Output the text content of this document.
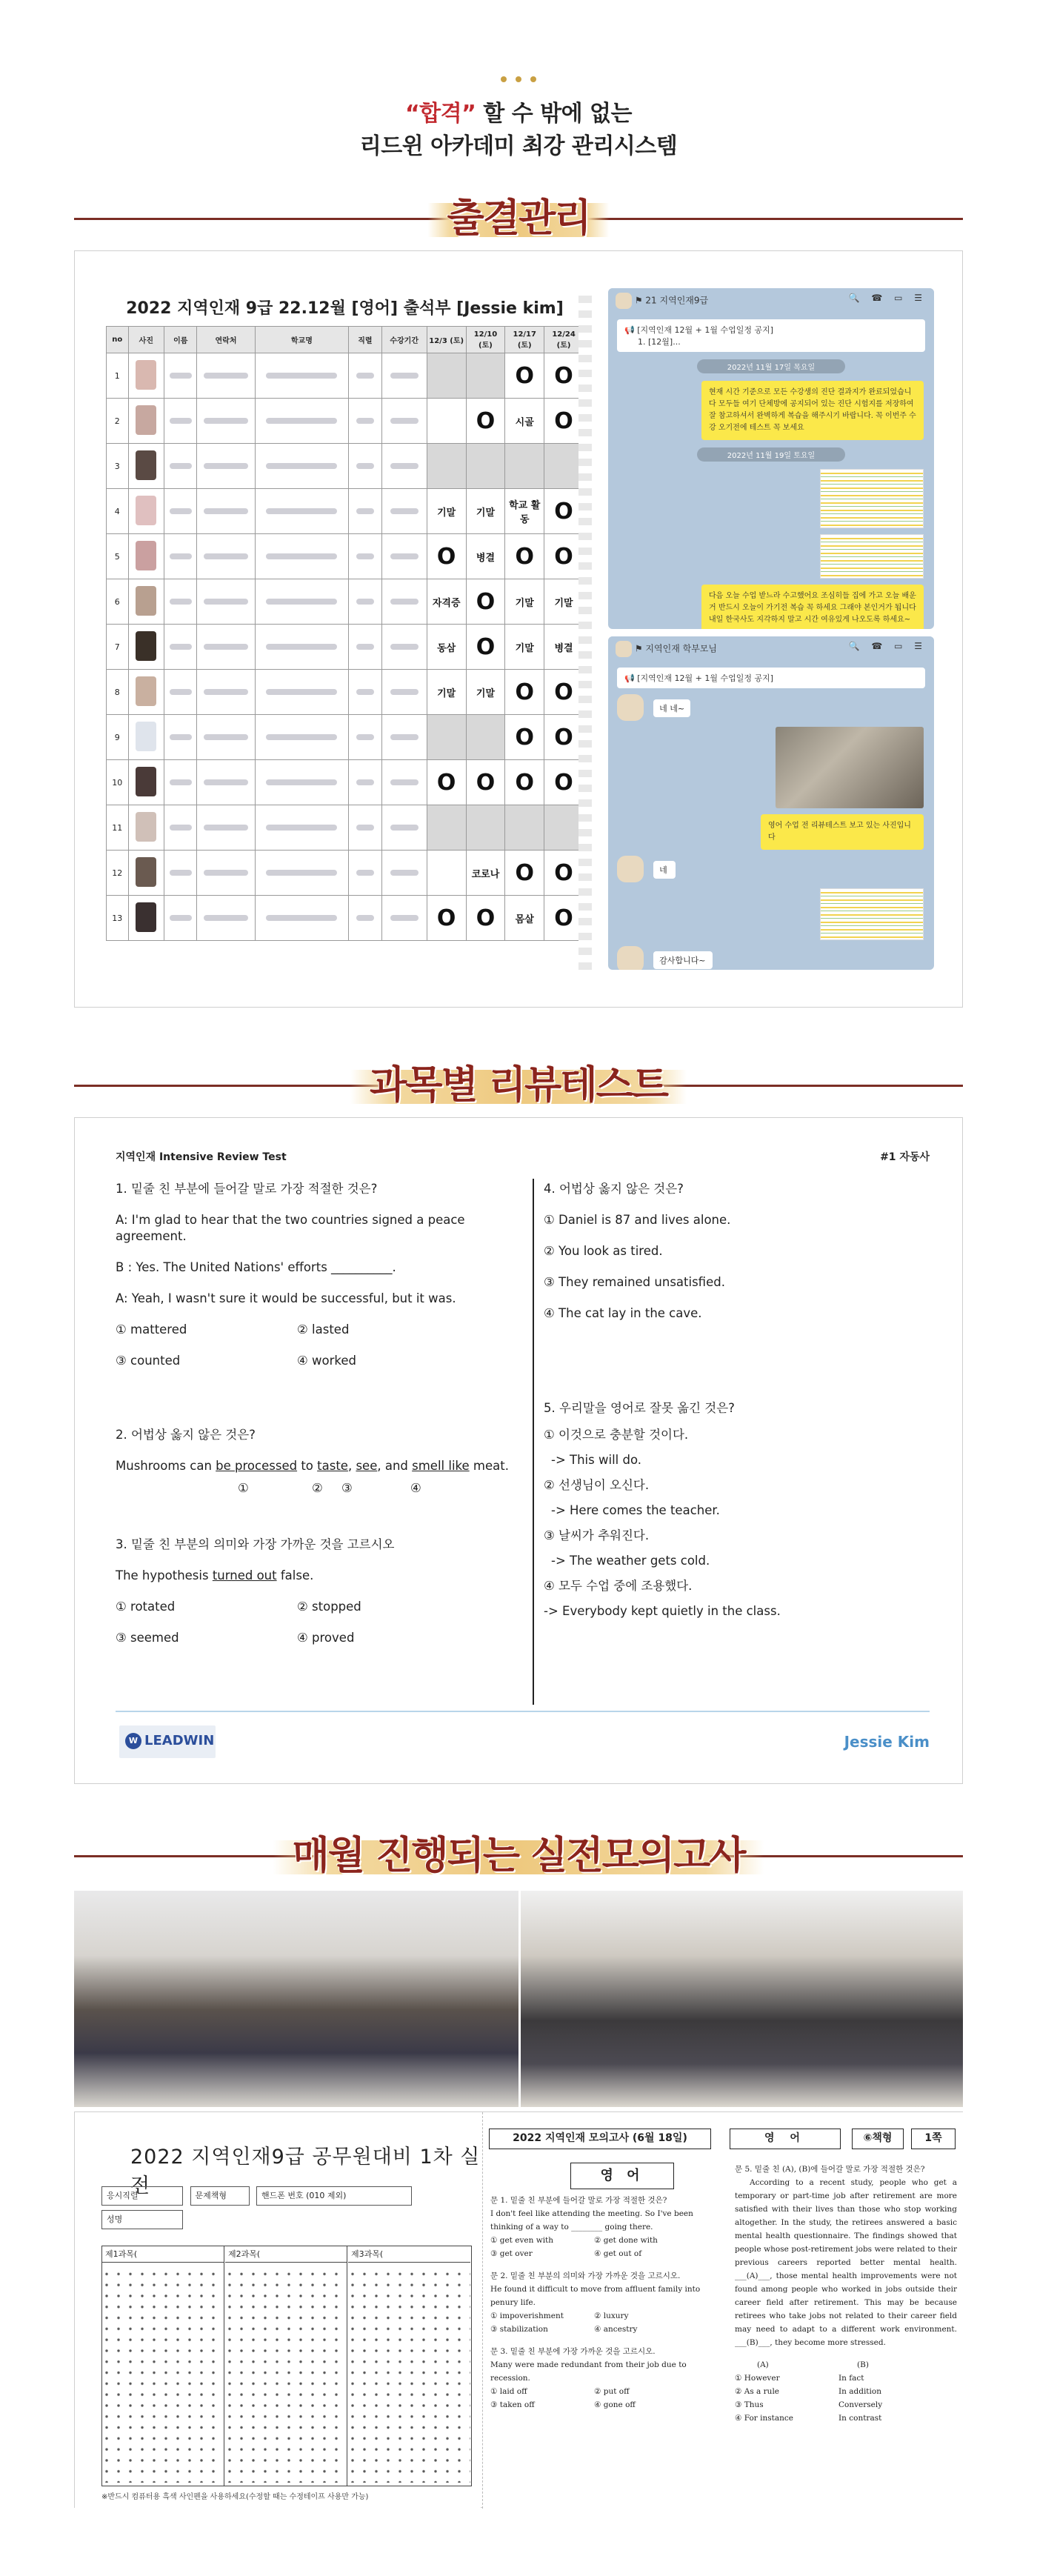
“합격” 할 수 밖에 없는
리드윈 아카데미 최강 관리시스템
출결관리
2022 지역인재 9급 22.12월 [영어] 출석부 [Jessie kim]
no	사진	이름	연락처	학교명	직렬	수강기간	12/3 (토)	12/10 (토)	12/17 (토)	12/24 (토)
1									O	O
2								O	시골	O
3										
4							기말	기말	학교 활동	O
5							O	병결	O	O
6							자격증	O	기말	기말
7							동삼	O	기말	병결
8							기말	기말	O	O
9									O	O
10							O	O	O	O
11										
12								코로나	O	O
13							O	O	몸살	O
⚑ 21 지역인재9급	🔍 ☎ ▭ ☰
📢 [지역인재 12월 + 1월 수업일정 공지]
1. [12월]...
2022년 11월 17일 목요일
현재 시간 기준으로 모든 수강생의 진단 결과지가 완료되었습니다 모두들 여기 단체방에 공지되어 있는 진단 시험지를 저장하여 잘 참고하셔서 완벽하게 복습을 해주시기 바랍니다. 꼭 이번주 수강 오기전에 테스트 꼭 보세요
2022년 11월 19일 토요일
다음 오늘 수업 받느라 수고했어요 조심히들 집에 가고 오늘 배운거 반드시 오늘이 가기전 복습 꼭 하세요 그래야 본인거가 됩니다 내일 한국사도 지각하지 말고 시간 여유있게 나오도록 하세요~
⚑ 지역인재 학부모님	🔍 ☎ ▭ ☰
📢 [지역인재 12월 + 1월 수업일정 공지]
네 네~
영어 수업 전 리뷰테스트 보고 있는 사진입니다
네
감사합니다~
과목별 리뷰테스트
지역인재 Intensive Review Test	#1 자동사
1. 밑줄 친 부분에 들어갈 말로 가장 적절한 것은?
A: I'm glad to hear that the two countries signed a peace agreement.
B : Yes. The United Nations' efforts __________.
A: Yeah, I wasn't sure it would be successful, but it was.
① mattered	② lasted
③ counted	④ worked
2. 어법상 옳지 않은 것은?
Mushrooms can be processed to taste, see, and smell like meat.
①	② ③	④
3. 밑줄 친 부분의 의미와 가장 가까운 것을 고르시오
The hypothesis turned out false.
① rotated	② stopped
③ seemed	④ proved
4. 어법상 옳지 않은 것은?
① Daniel is 87 and lives alone.
② You look as tired.
③ They remained unsatisfied.
④ The cat lay in the cave.
5. 우리말을 영어로 잘못 옮긴 것은?
① 이것으로 충분할 것이다.
-> This will do.
② 선생님이 오신다.
-> Here comes the teacher.
③ 날씨가 추워진다.
-> The weather gets cold.
④ 모두 수업 중에 조용했다.
-> Everybody kept quietly in the class.
W LEADWIN	Jessie Kim
매월 진행되는 실전모의고사
2022 지역인재9급 공무원대비 1차 실전
응시직렬	문제책형	핸드폰 번호 (010 제외)
성명
제1과목(	제2과목(	제3과목(
※반드시 컴퓨터용 흑색 사인펜을 사용하세요(수정할 때는 수정테이프 사용만 가능)
2022 지역인재 모의고사 (6월 18일)	영 어	⑥책형	1쪽
영 어
문 1. 밑줄 친 부분에 들어갈 말로 가장 적절한 것은?
I don't feel like attending the meeting. So I've been thinking of a way to ________ going there.
① get even with	② get done with
③ get over	④ get out of
문 2. 밑줄 친 부분의 의미와 가장 가까운 것을 고르시오.
He found it difficult to move from affluent family into penury life.
① impoverishment	② luxury
③ stabilization	④ ancestry
문 3. 밑줄 친 부분에 가장 가까운 것을 고르시오.
Many were made redundant from their job due to recession.
① laid off	② put off
③ taken off	④ gone off
문 5. 밑줄 친 (A), (B)에 들어갈 말로 가장 적절한 것은?
According to a recent study, people who get a temporary or part-time job after retirement are more satisfied with their lives than those who stop working altogether. In the study, the retirees answered a basic mental health questionnaire. The findings showed that people whose post-retirement jobs were related to their previous careers reported better mental health. ___(A)___, those mental health improvements were not found among people who worked in jobs outside their career field after retirement. This may be because retirees who take jobs not related to their career field may need to adapt to a different work environment. ___(B)___, they become more stressed.
(A)	(B)
① However	In fact
② As a rule	In addition
③ Thus	Conversely
④ For instance	In contrast
